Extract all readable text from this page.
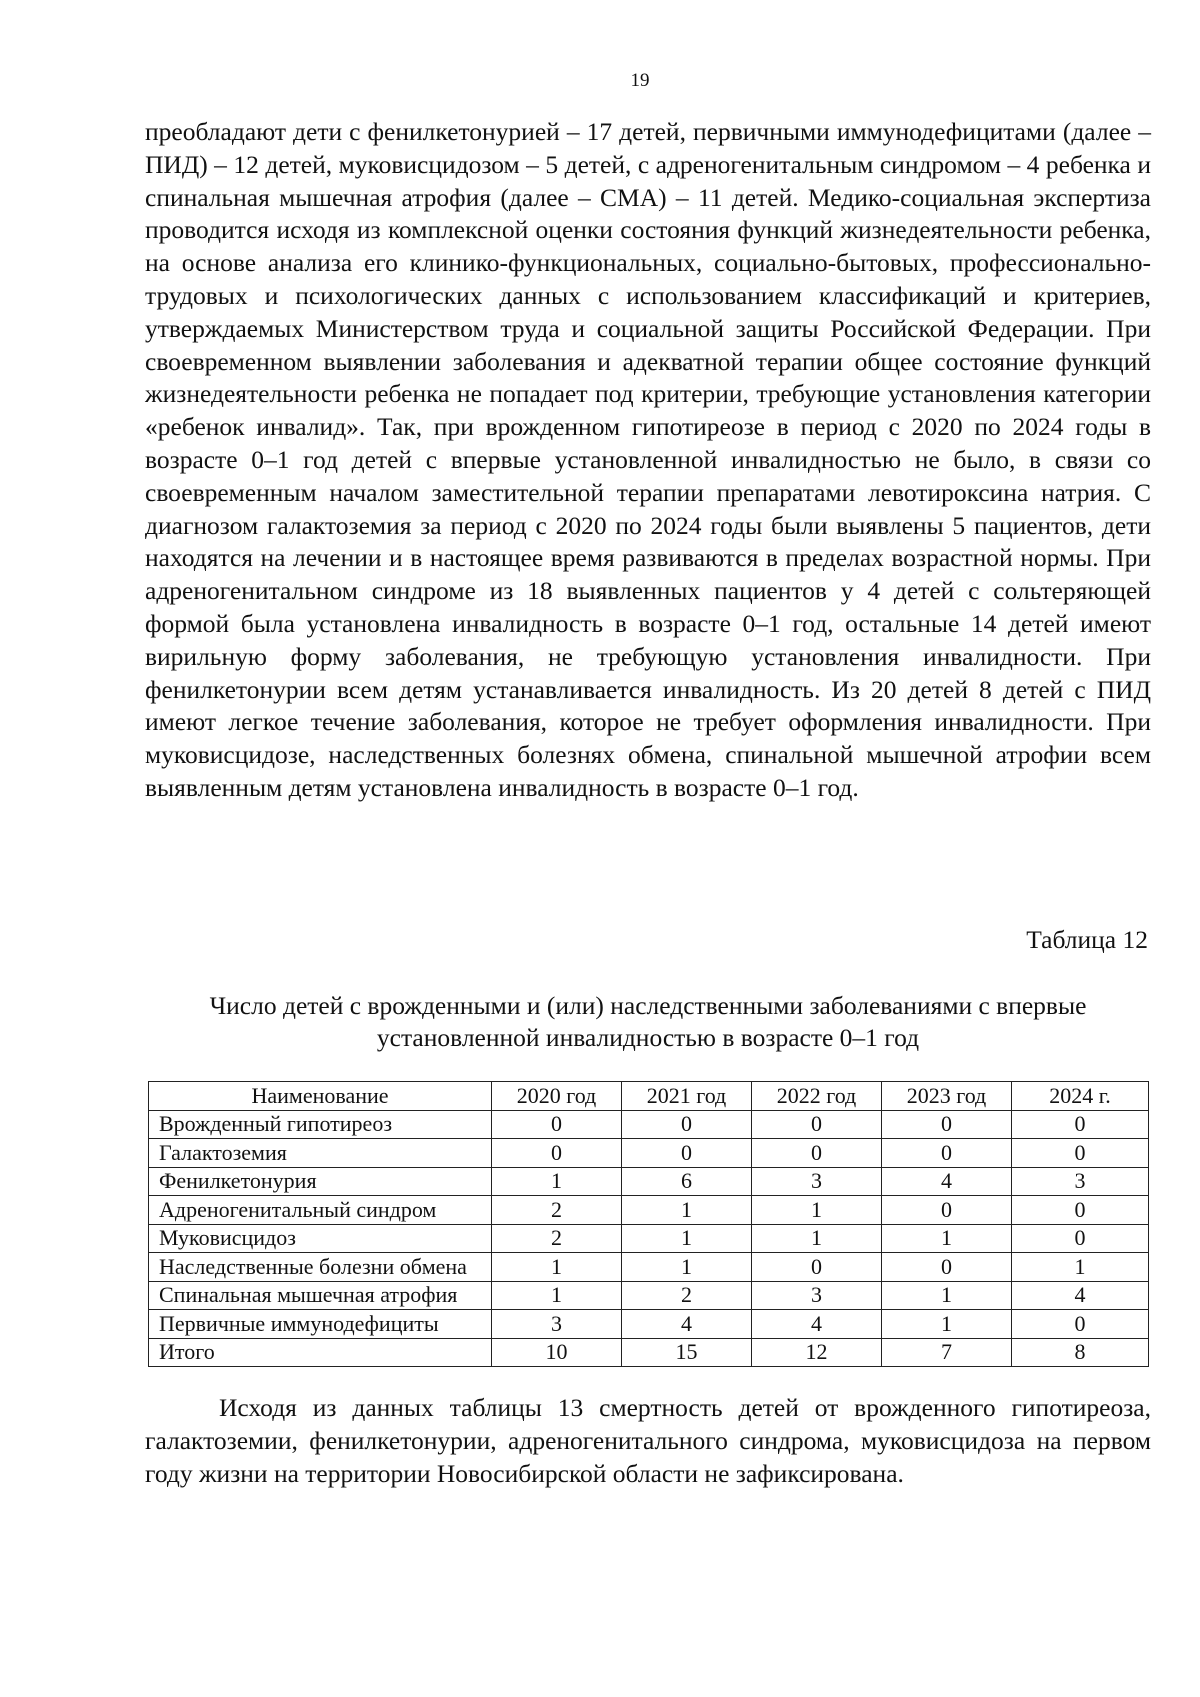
19

преобладают дети с фенилкетонурией – 17 детей, первичными иммунодефицитами (далее – ПИД) – 12 детей, муковисцидозом – 5 детей, с адреногенитальным синдромом – 4 ребенка и спинальная мышечная атрофия (далее – СМА) – 11 детей. Медико-социальная экспертиза проводится исходя из комплексной оценки состояния функций жизнедеятельности ребенка, на основе анализа его клинико-функциональных, социально-бытовых, профессионально-трудовых и психологических данных с использованием классификаций и критериев, утверждаемых Министерством труда и социальной защиты Российской Федерации. При своевременном выявлении заболевания и адекватной терапии общее состояние функций жизнедеятельности ребенка не попадает под критерии, требующие установления категории «ребенок инвалид». Так, при врожденном гипотиреозе в период с 2020 по 2024 годы в возрасте 0–1 год детей с впервые установленной инвалидностью не было, в связи со своевременным началом заместительной терапии препаратами левотироксина натрия. С диагнозом галактоземия за период с 2020 по 2024 годы были выявлены 5 пациентов, дети находятся на лечении и в настоящее время развиваются в пределах возрастной нормы. При адреногенитальном синдроме из 18 выявленных пациентов у 4 детей с сольтеряющей формой была установлена инвалидность в возрасте 0–1 год, остальные 14 детей имеют вирильную форму заболевания, не требующую установления инвалидности. При фенилкетонурии всем детям устанавливается инвалидность. Из 20 детей 8 детей с ПИД имеют легкое течение заболевания, которое не требует оформления инвалидности. При муковисцидозе, наследственных болезнях обмена, спинальной мышечной атрофии всем выявленным детям установлена инвалидность в возрасте 0–1 год.

Таблица 12

Число детей с врожденными и (или) наследственными заболеваниями с впервые установленной инвалидностью в возрасте 0–1 год

Наименование	2020 год	2021 год	2022 год	2023 год	2024 г.
Врожденный гипотиреоз	0	0	0	0	0
Галактоземия	0	0	0	0	0
Фенилкетонурия	1	6	3	4	3
Адреногенитальный синдром	2	1	1	0	0
Муковисцидоз	2	1	1	1	0
Наследственные болезни обмена	1	1	0	0	1
Спинальная мышечная атрофия	1	2	3	1	4
Первичные иммунодефициты	3	4	4	1	0
Итого	10	15	12	7	8

Исходя из данных таблицы 13 смертность детей от врожденного гипотиреоза, галактоземии, фенилкетонурии, адреногенитального синдрома, муковисцидоза на первом году жизни на территории Новосибирской области не зафиксирована.
